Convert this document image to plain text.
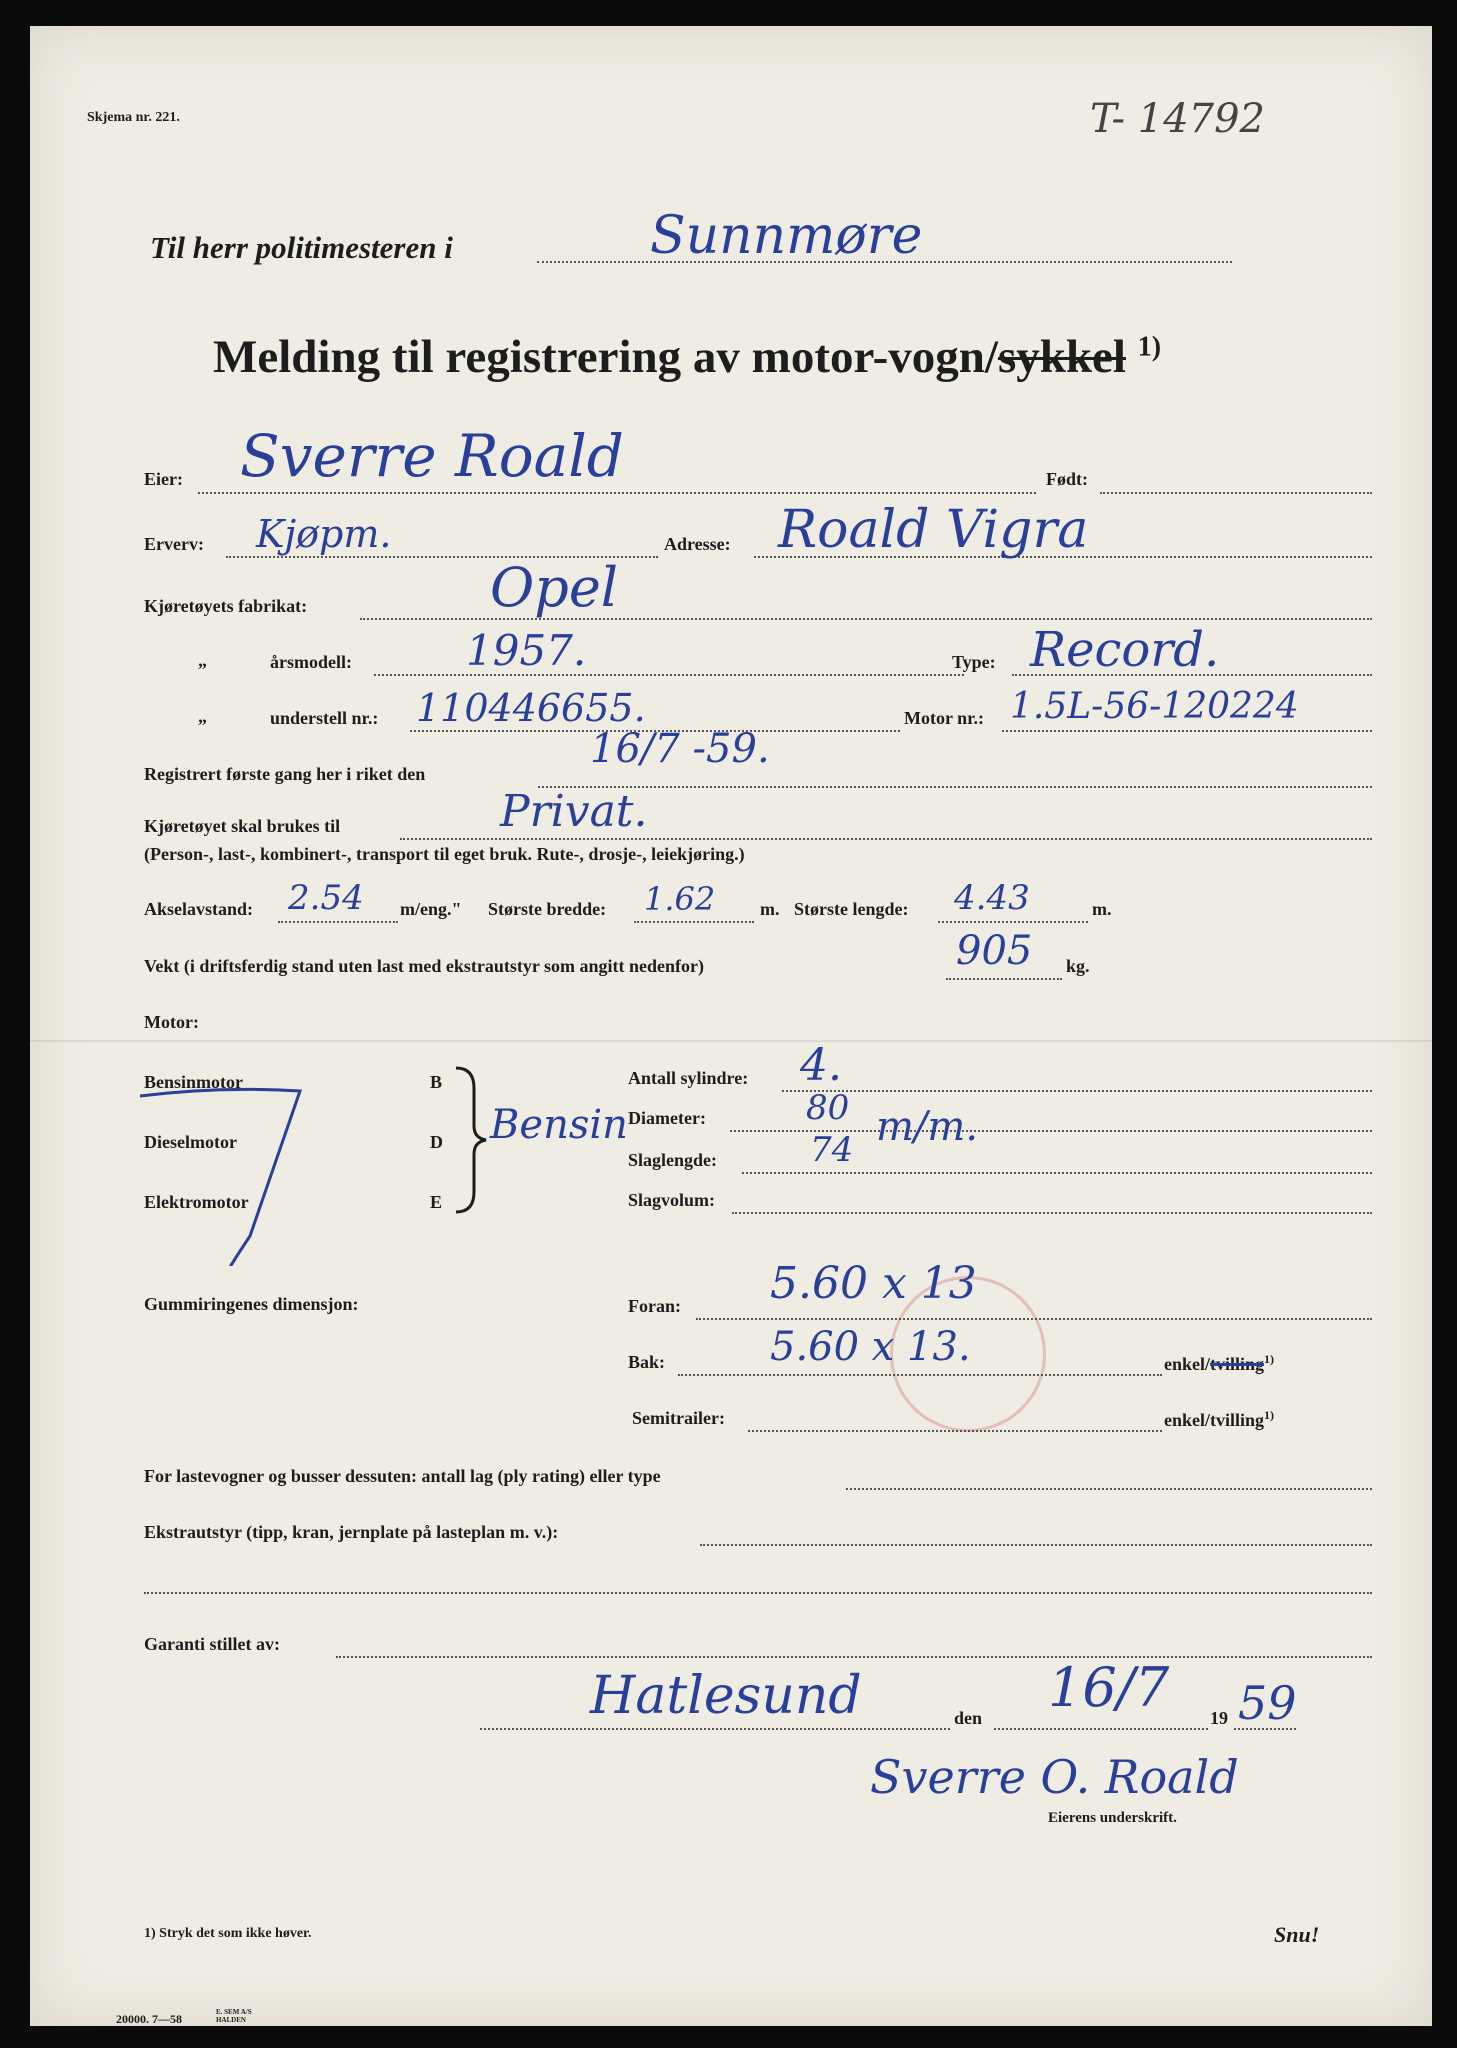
Skjema nr. 221.	T- 14792
Til herr politimesteren i	Sunnmøre
Melding til registrering av motor-vogn/sykkel $^{1)}$
Eier: Sverre Roald	Født:
Erverv: Kjøpm.	Adresse: Roald Vigra
Kjøretøyets fabrikat:	Opel
„	årsmodell:	1957.	Type: Record.
„	understell nr.: 110446655.	Motor nr.: 1.5L-56-120224
Registrert første gang her i riket den
16/7 -59.
Kjøretøyet skal brukes til	Privat.
(Person-, last-, kombinert-, transport til eget bruk. Rute-, drosje-, leiekjøring.)
Akselavstand: 2.54 m/eng." Største bredde: 1.62 m. Største lengde: 4.43	m.
Vekt (i driftsferdig stand uten last med ekstrautstyr som angitt nedenfor)	905 kg.
Motor:
Bensinmotor	B
Dieselmotor	D
Elektromotor	E
Bensin
Antall sylindre: 4.
Diameter:	80 m/m.
Slaglengde:	74
Slagvolum:
Gummiringenes dimensjon:	Foran: 5.60 x 13
Bak:	5.60 x 13.	enkel/tvilling$^{1)}$
Semitrailer:	enkel/tvilling$^{1)}$
For lastevogner og busser dessuten: antall lag (ply rating) eller type
Ekstrautstyr (tipp, kran, jernplate på lasteplan m. v.):
Garanti stillet av:
Hatlesund	den 16/7 19 59
Sverre O. Roald
Eierens underskrift.
1) Stryk det som ikke høver.	Snu!
20000. 7—58	E. SEM A/S
HALDEN
